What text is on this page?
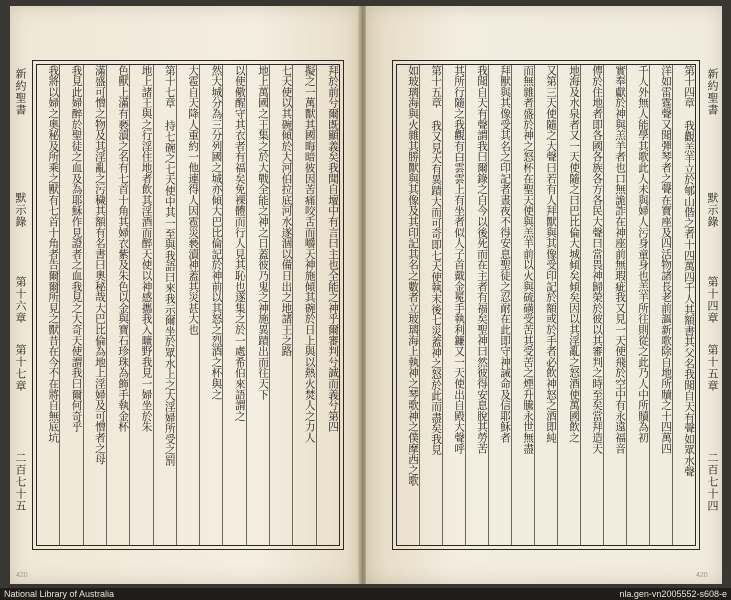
拜於前兮爾既顯義矣我聞自壇中有言曰主也全能之神乎爾審判兮誠而義兮第四
擬之一萬獸其國晦暗彼因苦痛咬舌而嚼天神施傾其碗於日上與以熱火焚人之力人
七天使以其碗傾於大河伯拉底河水遂涸以備日出之地諸王之路
地上萬國之王集之於大戰全能之神之日蓋彼乃鬼之神施異蹟出而往天下
以使儆醒守其衣者有福矣免裸體而行人見其恥也遂集之於一處希伯來語謂之
然大城分為三分列國之城亦傾大巴比倫記於神前以其怒之烈酒之杯與之
大雹自天降人重約一他連得人因雹災褻瀆神蓋其災甚大也
第十七章 持七碗之七天使中其一至與我語曰來我示爾坐於眾水上之大淫婦所受之罰
地上諸王與之行淫住地者飲其淫酒而醉天使以神感攜我入曠野我見一婦坐於朱
色獸上滿有褻瀆之名有七首十角其婦衣紫及朱色以金與寶石珍珠為飾手執金杯
滿盛可憎之物及其淫亂之污穢其額有名書曰奧秘哉大巴比倫為地上淫婦及可憎者之母
我見此婦醉於聖徒之血及為耶穌作見證者之血我見之大奇天使謂我曰爾何奇乎
我將以婦之奧秘及所乘之獸有七首十角者告爾爾所見之獸昔在今不在將自無底坑
新約聖書
默示錄
第十六章
第十七章
二百七十五
420
第十四章 我觀羔羊立於郇山偕之者十四萬四千人其額書其父名我聞自天有聲如眾水聲
洋如雷霆聲又聞彈琴者之聲在寶座及四活物諸長老前謳新歌除自地所贖之十四萬四
千人外無人能學其歌此人未與婦人污身童身也羔羊所往則從之此乃人中所贖為初
實奉獻於神與羔羊者也口無詭詐在神座前無瑕疵我又見一天使飛於空中有永遠福音
傳於住地者即各國各族各方各民大聲曰當畏神歸榮於彼以其審判之時至矣當拜造天
地海及水泉者又一天使隨之曰巴比倫大城傾矣傾矣因以其淫亂之怒酒使萬國飲之
又第三天使隨之大聲曰若有人拜獸與其像受印記於額或於手者必飲神怒之酒即純
而無雜者盛於神之怒杯在聖天使與羔羊前以火與硫磺受苦其受苦之煙升騰永世無盡
拜獸與其像受其名之印記者晝夜不得安息聖徒之忍耐在此即守神誡命及信耶穌者
我聞自天有聲謂我曰爾錄之自今以後死而在主者有福矣聖神曰然彼得安息脫其勞苦
其所行隨之我觀有白雲雲上有坐者似人子首戴金冕手執利鐮又一天使出自殿大聲呼
第十五章 我又見天有異蹟大而可奇即七天使執末後七災蓋神之怒於此而盡矣我見
如玻璃海與火雜其勝獸與其像及其印記其名之數者立玻璃海上執神之琴歌神之僕摩西之歌	新約聖書
默示錄
第十四章
第十五章
二百七十四
420
National Library of Australia	nla.gen-vn2005552-s608-e
